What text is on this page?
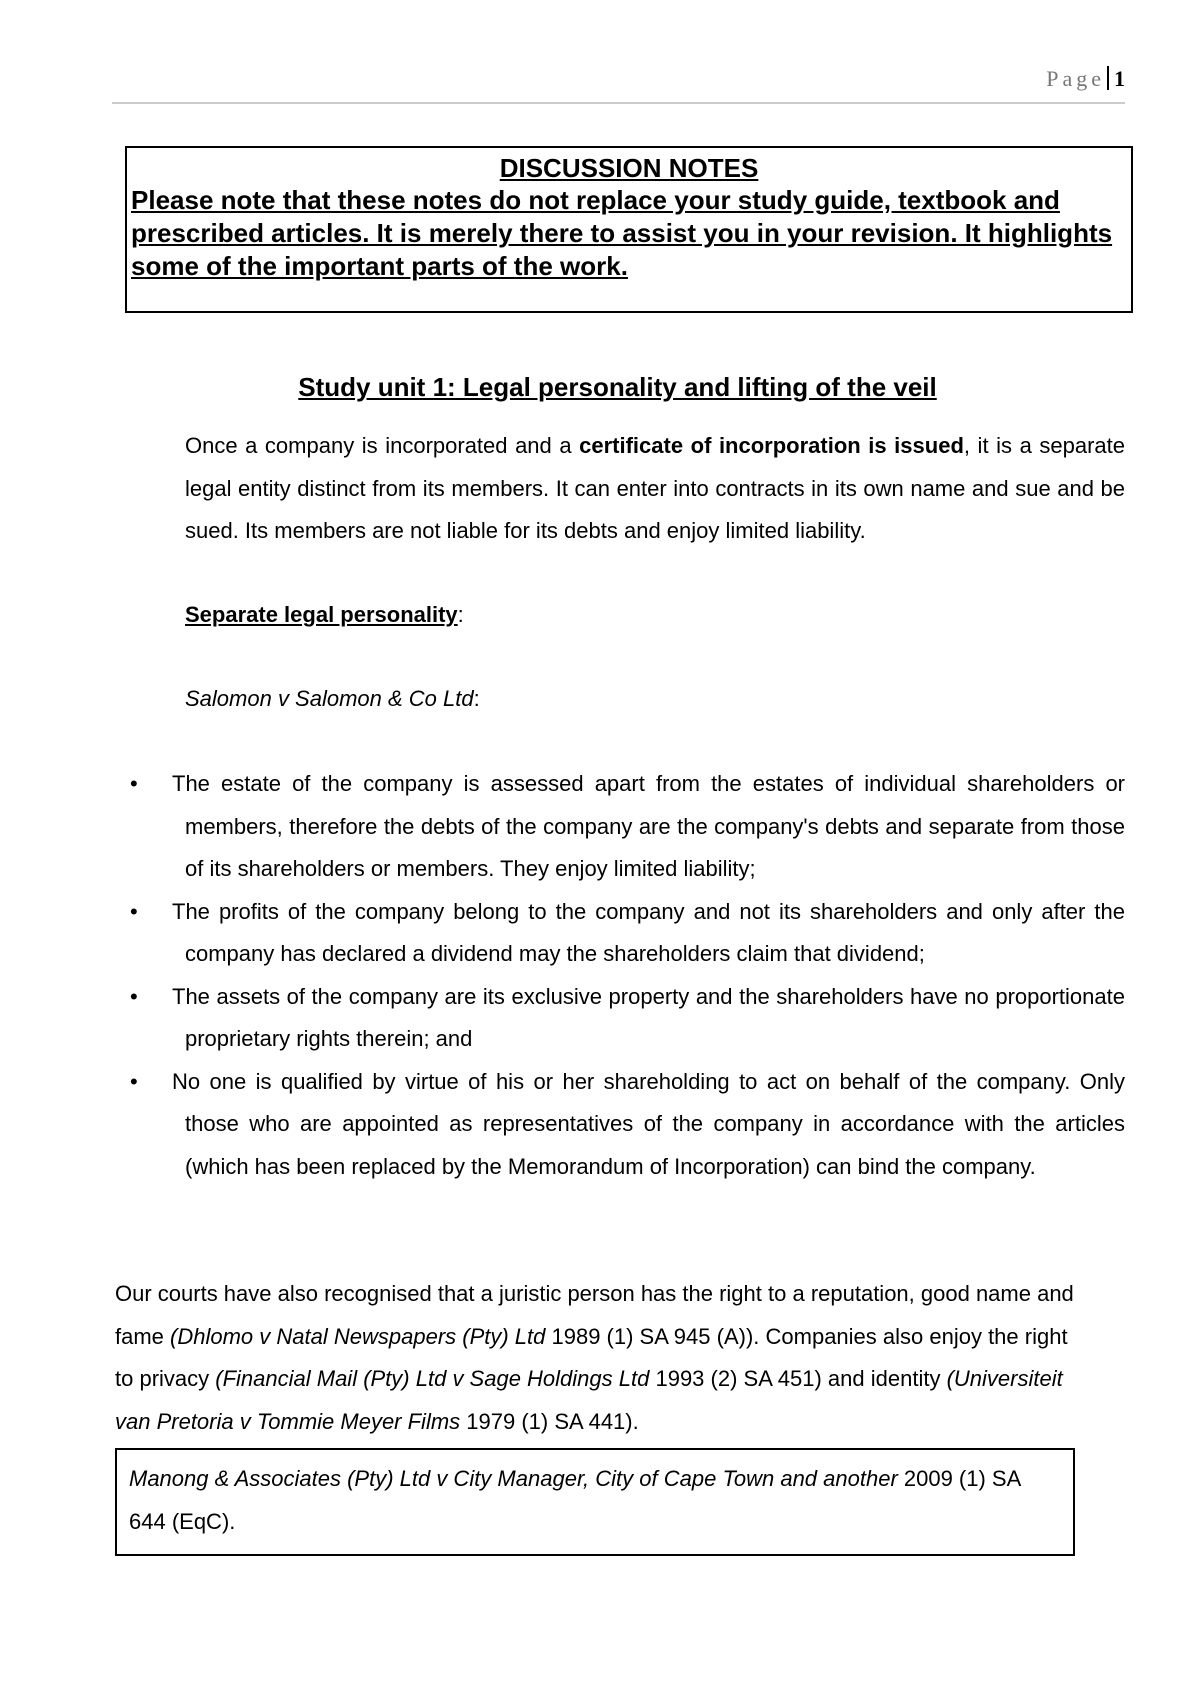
Page 1
DISCUSSION NOTES
Please note that these notes do not replace your study guide, textbook and prescribed articles. It is merely there to assist you in your revision. It highlights some of the important parts of the work.
Study unit 1: Legal personality and lifting of the veil
Once a company is incorporated and a certificate of incorporation is issued, it is a separate legal entity distinct from its members. It can enter into contracts in its own name and sue and be sued. Its members are not liable for its debts and enjoy limited liability.
Separate legal personality:
Salomon v Salomon & Co Ltd:
• The estate of the company is assessed apart from the estates of individual shareholders or members, therefore the debts of the company are the company's debts and separate from those of its shareholders or members. They enjoy limited liability;
• The profits of the company belong to the company and not its shareholders and only after the company has declared a dividend may the shareholders claim that dividend;
• The assets of the company are its exclusive property and the shareholders have no proportionate proprietary rights therein; and
• No one is qualified by virtue of his or her shareholding to act on behalf of the company. Only those who are appointed as representatives of the company in accordance with the articles (which has been replaced by the Memorandum of Incorporation) can bind the company.
Our courts have also recognised that a juristic person has the right to a reputation, good name and fame (Dhlomo v Natal Newspapers (Pty) Ltd 1989 (1) SA 945 (A)). Companies also enjoy the right to privacy (Financial Mail (Pty) Ltd v Sage Holdings Ltd 1993 (2) SA 451) and identity (Universiteit van Pretoria v Tommie Meyer Films 1979 (1) SA 441).
Manong & Associates (Pty) Ltd v City Manager, City of Cape Town and another 2009 (1) SA 644 (EqC).
